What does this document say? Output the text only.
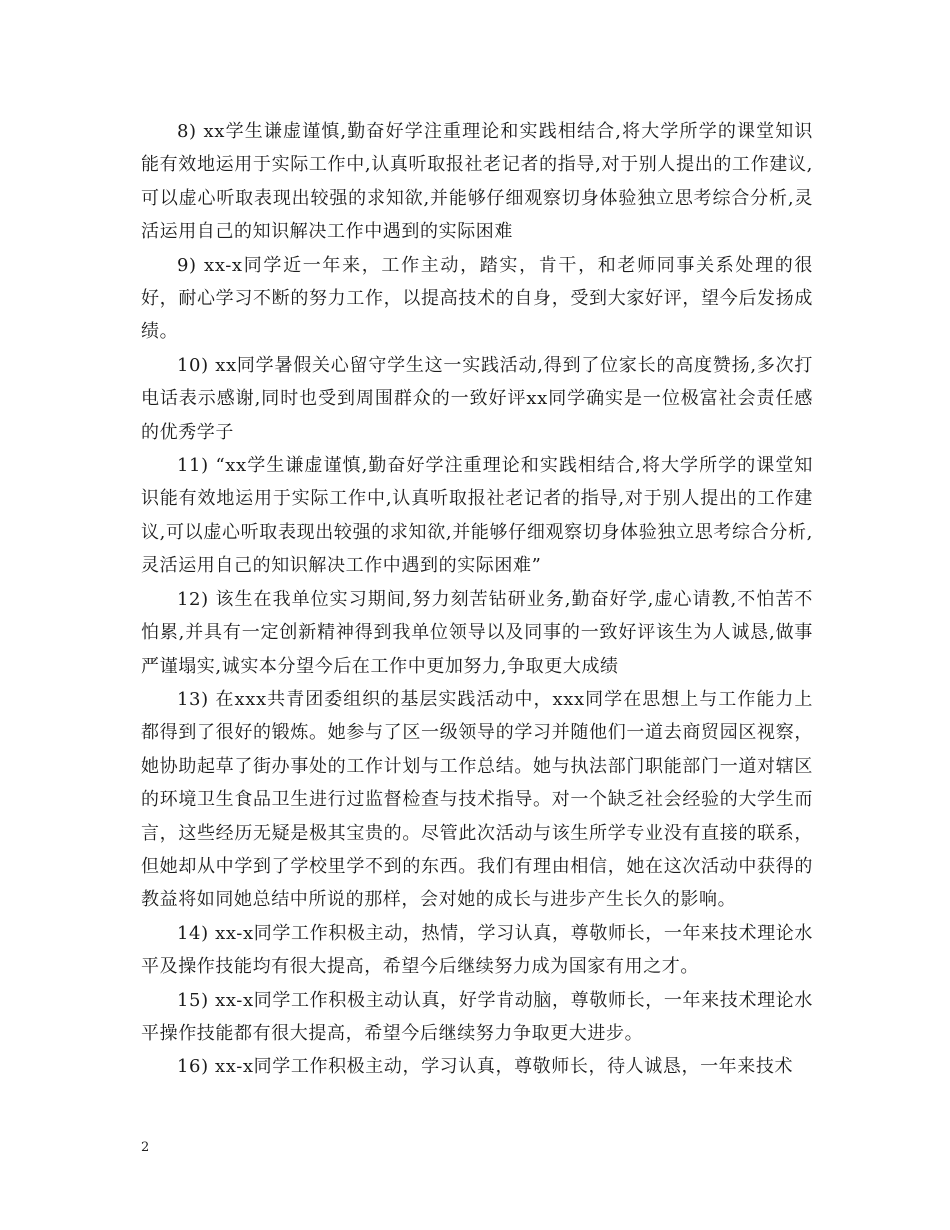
8) xx学生谦虚谨慎,勤奋好学注重理论和实践相结合,将大学所学的课堂知识能有效地运用于实际工作中,认真听取报社老记者的指导,对于别人提出的工作建议,可以虚心听取表现出较强的求知欲,并能够仔细观察切身体验独立思考综合分析,灵活运用自己的知识解决工作中遇到的实际困难

9) xx-x同学近一年来，工作主动，踏实，肯干，和老师同事关系处理的很好，耐心学习不断的努力工作，以提高技术的自身，受到大家好评，望今后发扬成绩。

10) xx同学暑假关心留守学生这一实践活动,得到了位家长的高度赞扬,多次打电话表示感谢,同时也受到周围群众的一致好评xx同学确实是一位极富社会责任感的优秀学子

11) “xx学生谦虚谨慎,勤奋好学注重理论和实践相结合,将大学所学的课堂知识能有效地运用于实际工作中,认真听取报社老记者的指导,对于别人提出的工作建议,可以虚心听取表现出较强的求知欲,并能够仔细观察切身体验独立思考综合分析,灵活运用自己的知识解决工作中遇到的实际困难”

12) 该生在我单位实习期间,努力刻苦钻研业务,勤奋好学,虚心请教,不怕苦不怕累,并具有一定创新精神得到我单位领导以及同事的一致好评该生为人诚恳,做事严谨塌实,诚实本分望今后在工作中更加努力,争取更大成绩

13) 在xxx共青团委组织的基层实践活动中，xxx同学在思想上与工作能力上都得到了很好的锻炼。她参与了区一级领导的学习并随他们一道去商贸园区视察，她协助起草了街办事处的工作计划与工作总结。她与执法部门职能部门一道对辖区的环境卫生食品卫生进行过监督检查与技术指导。对一个缺乏社会经验的大学生而言，这些经历无疑是极其宝贵的。尽管此次活动与该生所学专业没有直接的联系，但她却从中学到了学校里学不到的东西。我们有理由相信，她在这次活动中获得的教益将如同她总结中所说的那样，会对她的成长与进步产生长久的影响。

14) xx-x同学工作积极主动，热情，学习认真，尊敬师长，一年来技术理论水平及操作技能均有很大提高，希望今后继续努力成为国家有用之才。

15) xx-x同学工作积极主动认真，好学肯动脑，尊敬师长，一年来技术理论水平操作技能都有很大提高，希望今后继续努力争取更大进步。

16) xx-x同学工作积极主动，学习认真，尊敬师长，待人诚恳，一年来技术

2
